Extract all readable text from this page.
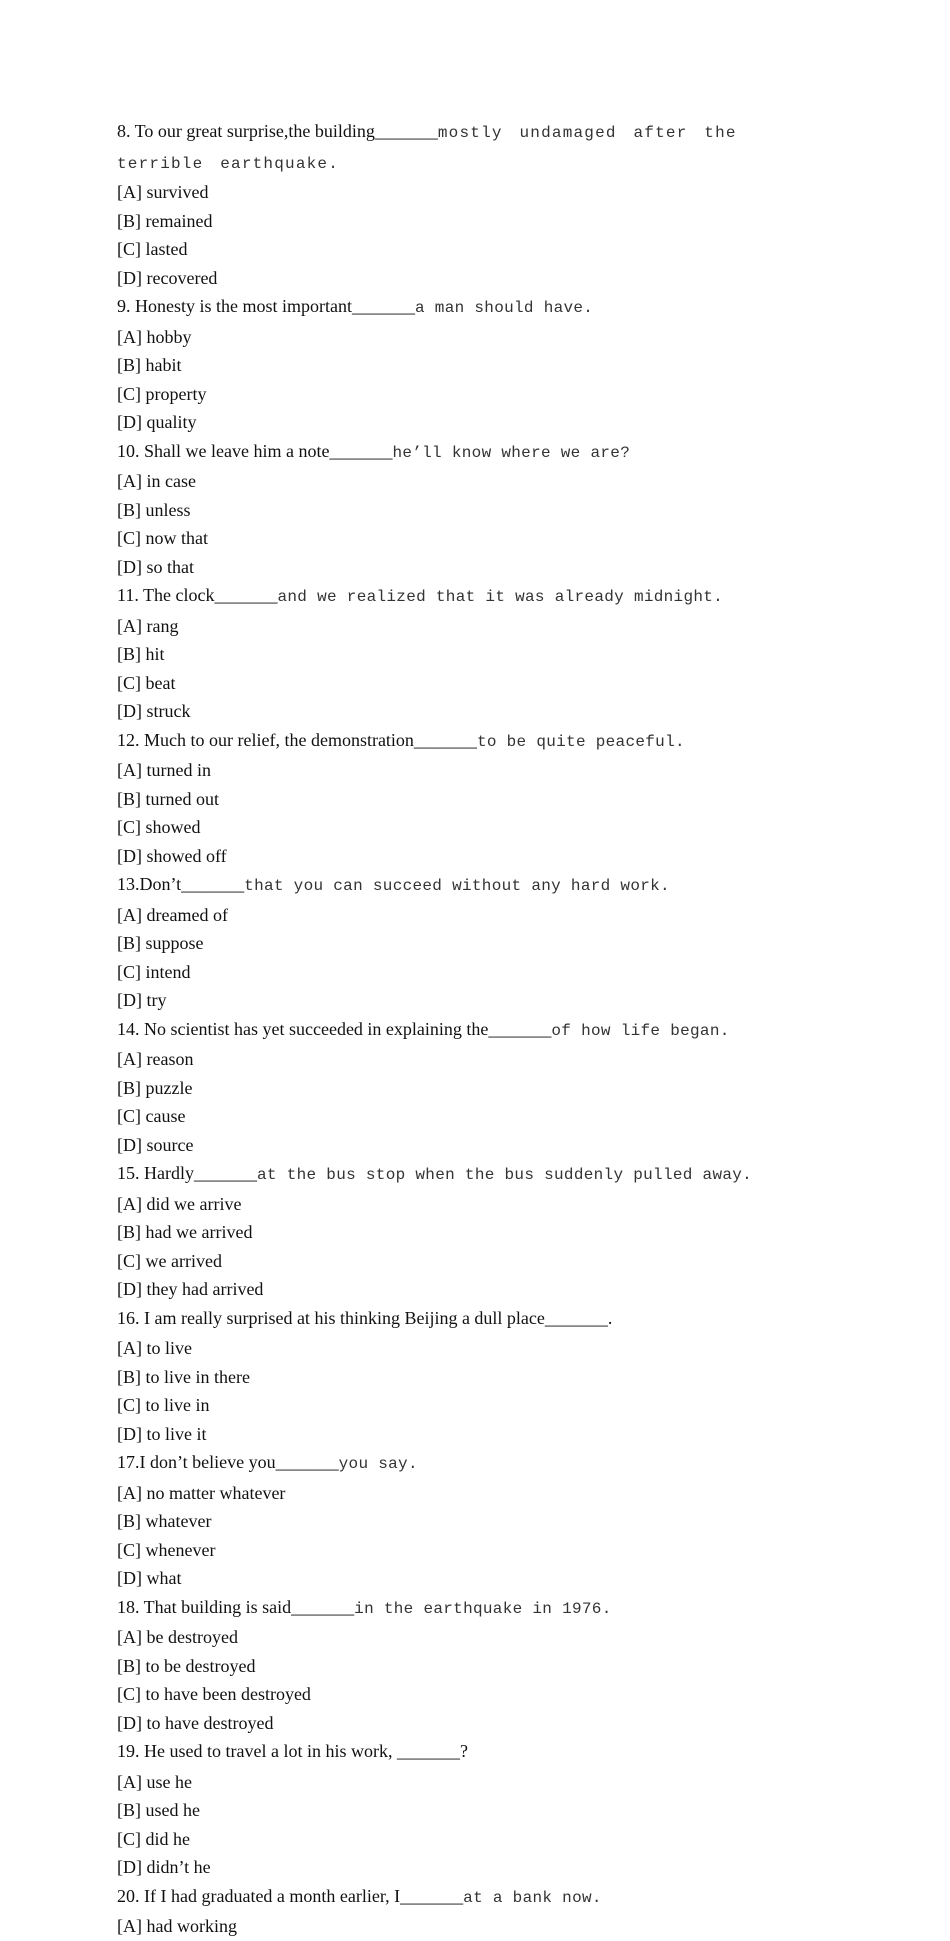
8. To our great surprise,the building_______mostly undamaged after the terrible earthquake.

[A] survived
[B] remained
[C] lasted
[D] recovered

9. Honesty is the most important_______a man should have.

[A] hobby
[B] habit
[C] property
[D] quality

10. Shall we leave him a note_______he’ll know where we are?

[A] in case
[B] unless
[C] now that
[D] so that

11. The clock_______and we realized that it was already midnight.

[A] rang
[B] hit
[C] beat
[D] struck

12. Much to our relief, the demonstration_______to be quite peaceful.

[A] turned in
[B] turned out
[C] showed
[D] showed off

13.Don’t_______that you can succeed without any hard work.

[A] dreamed of
[B] suppose
[C] intend
[D] try

14. No scientist has yet succeeded in explaining the_______of how life began.

[A] reason
[B] puzzle
[C] cause
[D] source

15. Hardly_______at the bus stop when the bus suddenly pulled away.

[A] did we arrive
[B] had we arrived
[C] we arrived
[D] they had arrived

16. I am really surprised at his thinking Beijing a dull place_______.

[A] to live
[B] to live in there
[C] to live in
[D] to live it

17.I don’t believe you_______you say.

[A] no matter whatever
[B] whatever
[C] whenever
[D] what

18. That building is said_______in the earthquake in 1976.

[A] be destroyed
[B] to be destroyed
[C] to have been destroyed
[D] to have destroyed

19. He used to travel a lot in his work, _______?

[A] use he
[B] used he
[C] did he
[D] didn’t he

20. If I had graduated a month earlier, I_______at a bank now.

[A] had working
